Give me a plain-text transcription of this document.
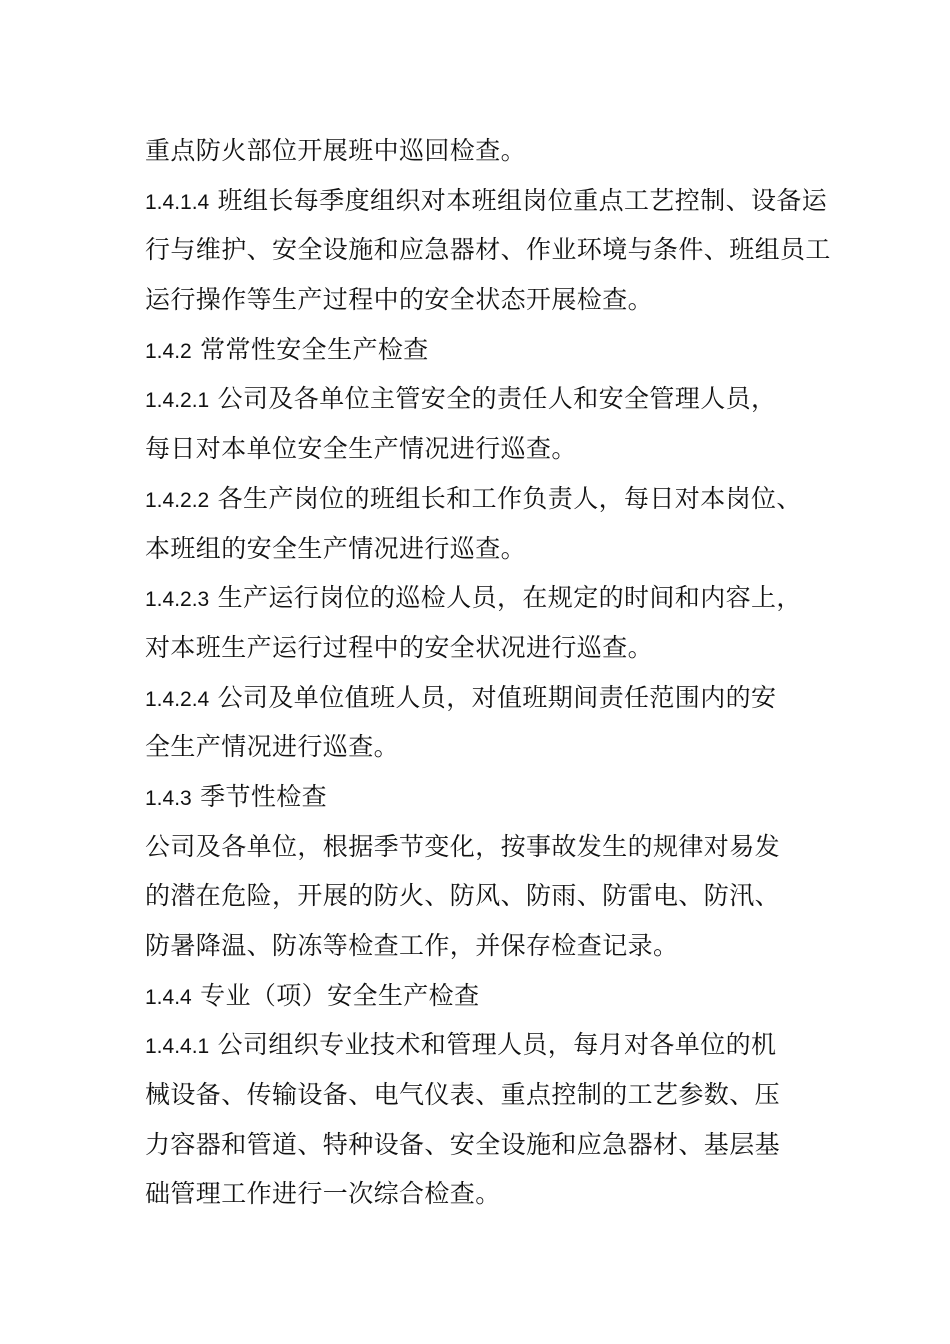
重点防火部位开展班中巡回检查。
1.4.1.4 班组长每季度组织对本班组岗位重点工艺控制、设备运
行与维护、安全设施和应急器材、作业环境与条件、班组员工
运行操作等生产过程中的安全状态开展检查。
1.4.2 常常性安全生产检查
1.4.2.1 公司及各单位主管安全的责任人和安全管理人员，
每日对本单位安全生产情况进行巡查。
1.4.2.2 各生产岗位的班组长和工作负责人，每日对本岗位、
本班组的安全生产情况进行巡查。
1.4.2.3 生产运行岗位的巡检人员，在规定的时间和内容上，
对本班生产运行过程中的安全状况进行巡查。
1.4.2.4 公司及单位值班人员，对值班期间责任范围内的安
全生产情况进行巡查。
1.4.3 季节性检查
公司及各单位，根据季节变化，按事故发生的规律对易发
的潜在危险，开展的防火、防风、防雨、防雷电、防汛、
防暑降温、防冻等检查工作，并保存检查记录。
1.4.4 专业（项）安全生产检查
1.4.4.1 公司组织专业技术和管理人员，每月对各单位的机
械设备、传输设备、电气仪表、重点控制的工艺参数、压
力容器和管道、特种设备、安全设施和应急器材、基层基
础管理工作进行一次综合检查。
